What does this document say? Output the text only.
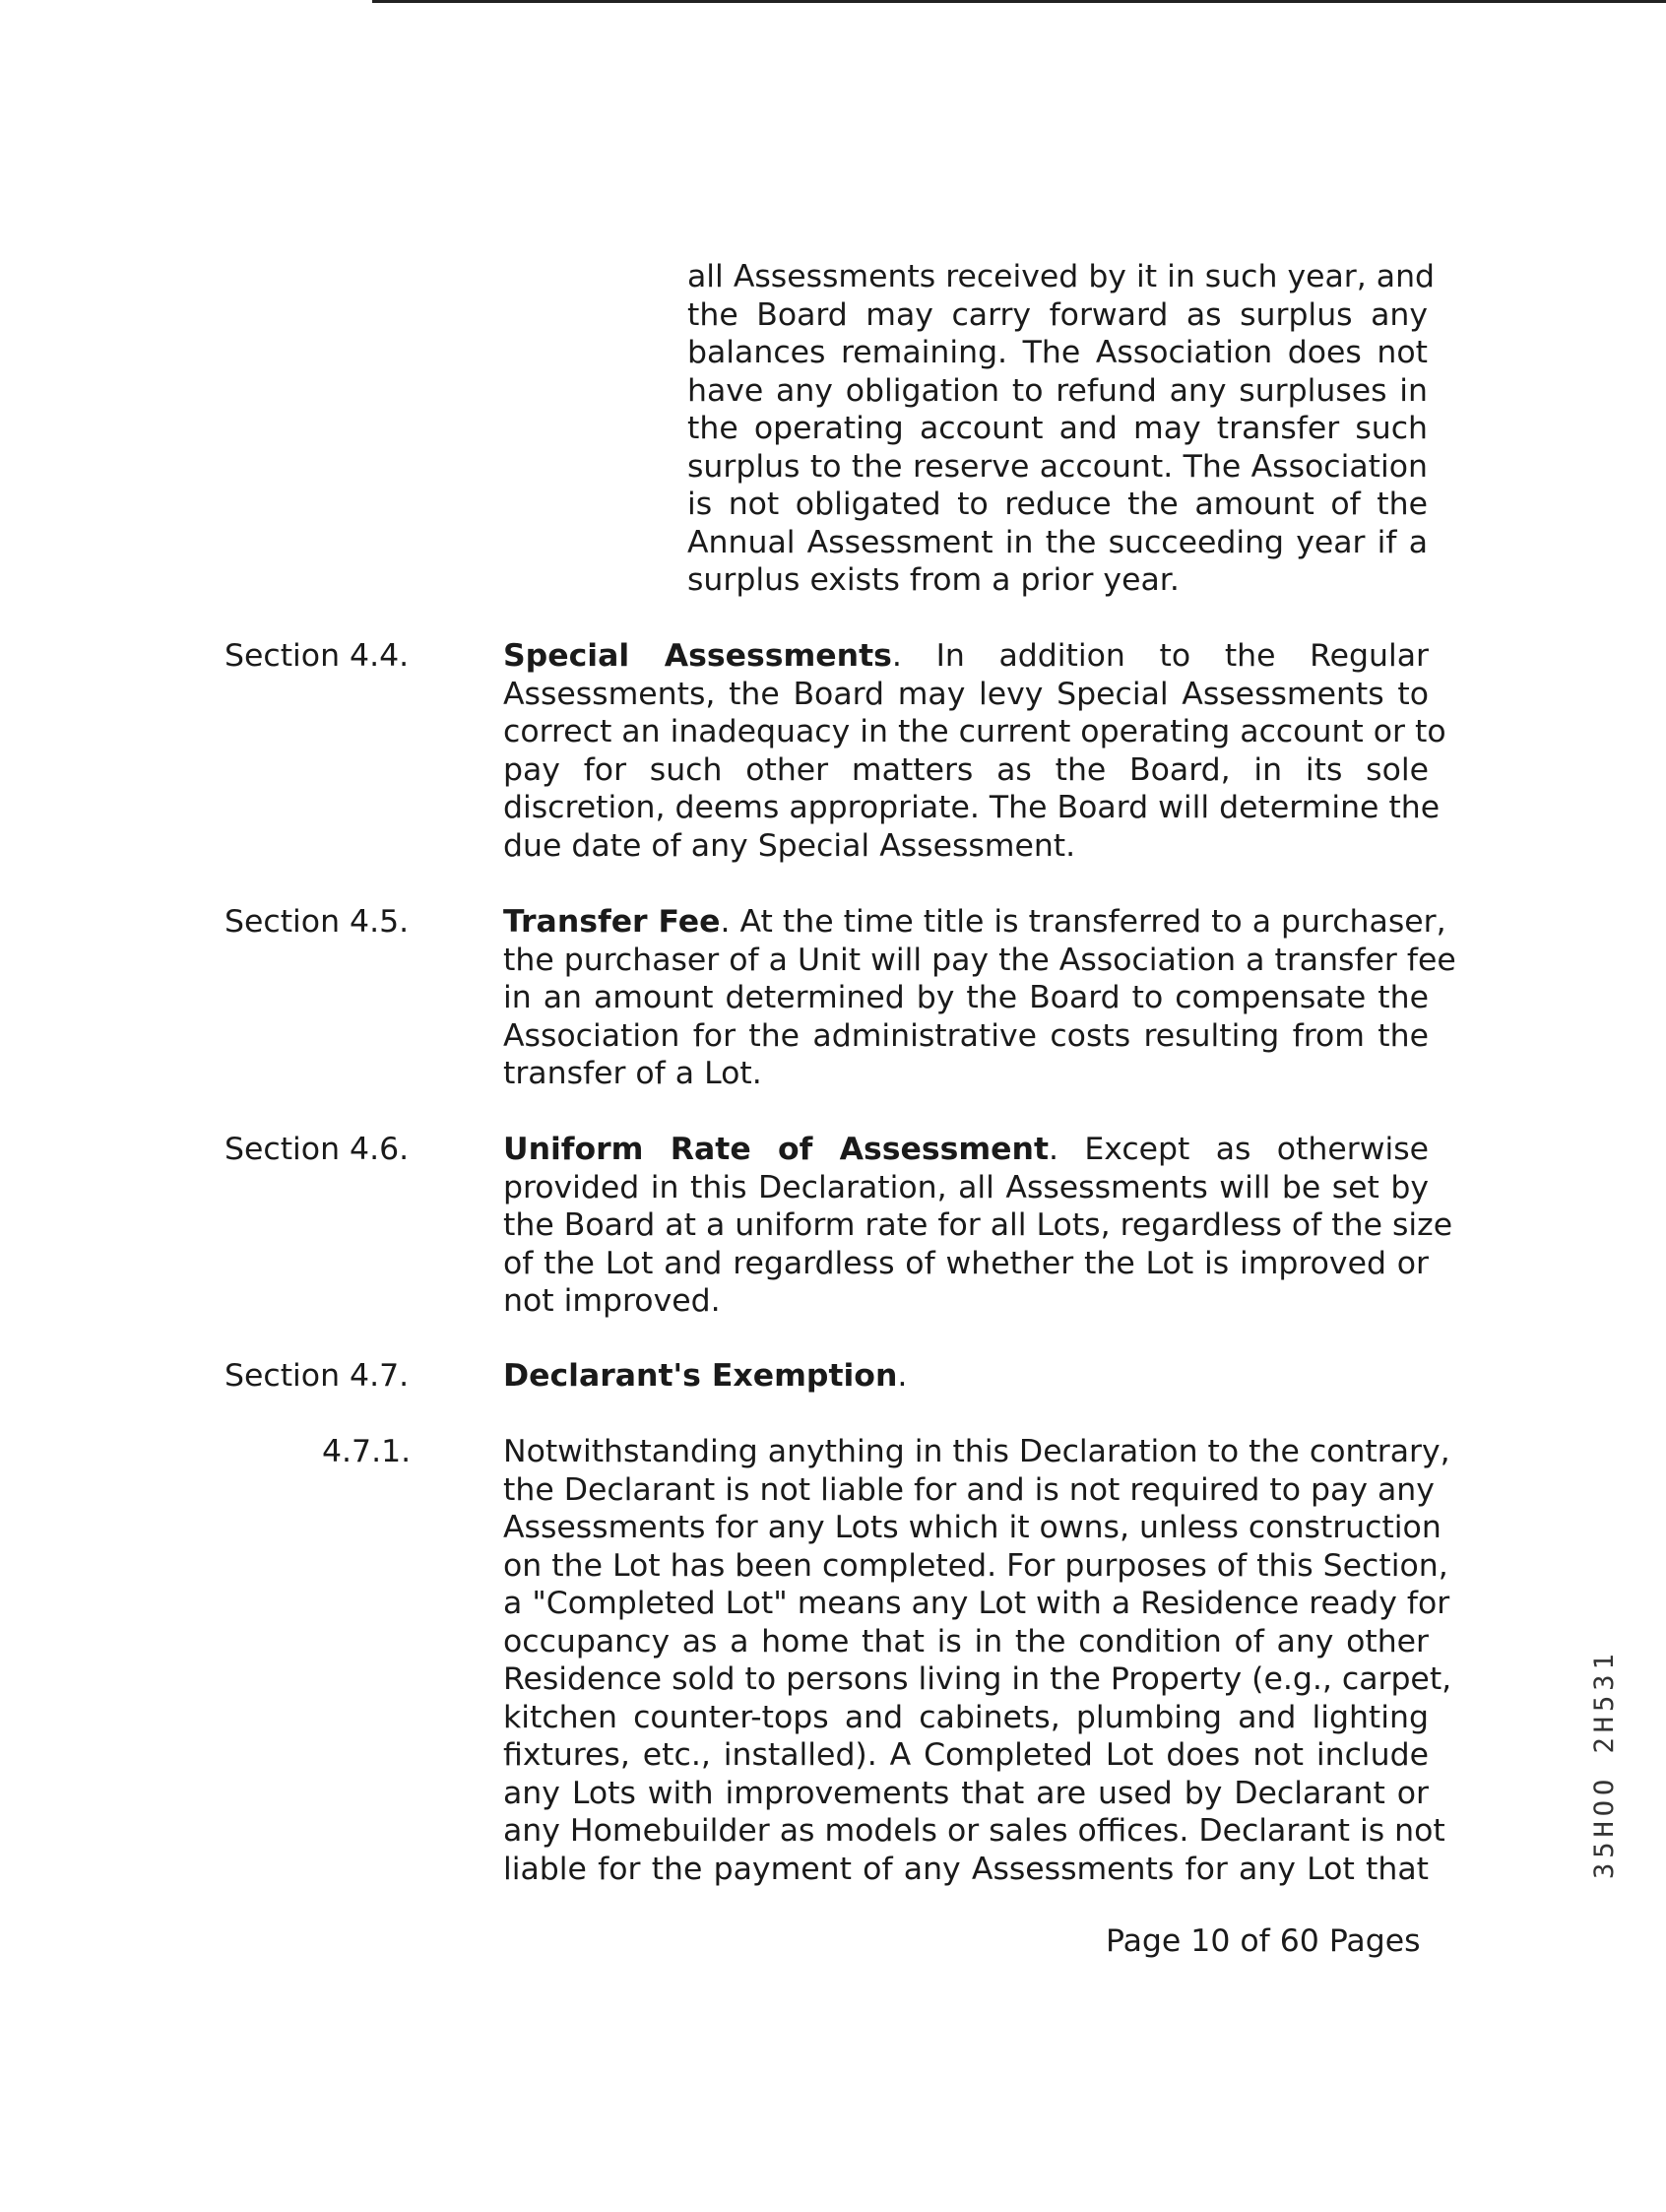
all Assessments received by it in such year, and
the Board may carry forward as surplus any
balances remaining. The Association does not
have any obligation to refund any surpluses in
the operating account and may transfer such
surplus to the reserve account. The Association
is not obligated to reduce the amount of the
Annual Assessment in the succeeding year if a
surplus exists from a prior year.
Section 4.4.	Special Assessments. In addition to the Regular
Assessments, the Board may levy Special Assessments to
correct an inadequacy in the current operating account or to
pay for such other matters as the Board, in its sole
discretion, deems appropriate. The Board will determine the
due date of any Special Assessment.
Section 4.5.	Transfer Fee. At the time title is transferred to a purchaser,
the purchaser of a Unit will pay the Association a transfer fee
in an amount determined by the Board to compensate the
Association for the administrative costs resulting from the
transfer of a Lot.
Section 4.6.	Uniform Rate of Assessment. Except as otherwise
provided in this Declaration, all Assessments will be set by
the Board at a uniform rate for all Lots, regardless of the size
of the Lot and regardless of whether the Lot is improved or
not improved.
Section 4.7.	Declarant's Exemption.
4.7.1.	Notwithstanding anything in this Declaration to the contrary,
the Declarant is not liable for and is not required to pay any
Assessments for any Lots which it owns, unless construction
on the Lot has been completed. For purposes of this Section,
a "Completed Lot" means any Lot with a Residence ready for
occupancy as a home that is in the condition of any other
Residence sold to persons living in the Property (e.g., carpet,
kitchen counter-tops and cabinets, plumbing and lighting
fixtures, etc., installed). A Completed Lot does not include
any Lots with improvements that are used by Declarant or
any Homebuilder as models or sales offices. Declarant is not
liable for the payment of any Assessments for any Lot that
Page 10 of 60 Pages
35HOO 2H531
